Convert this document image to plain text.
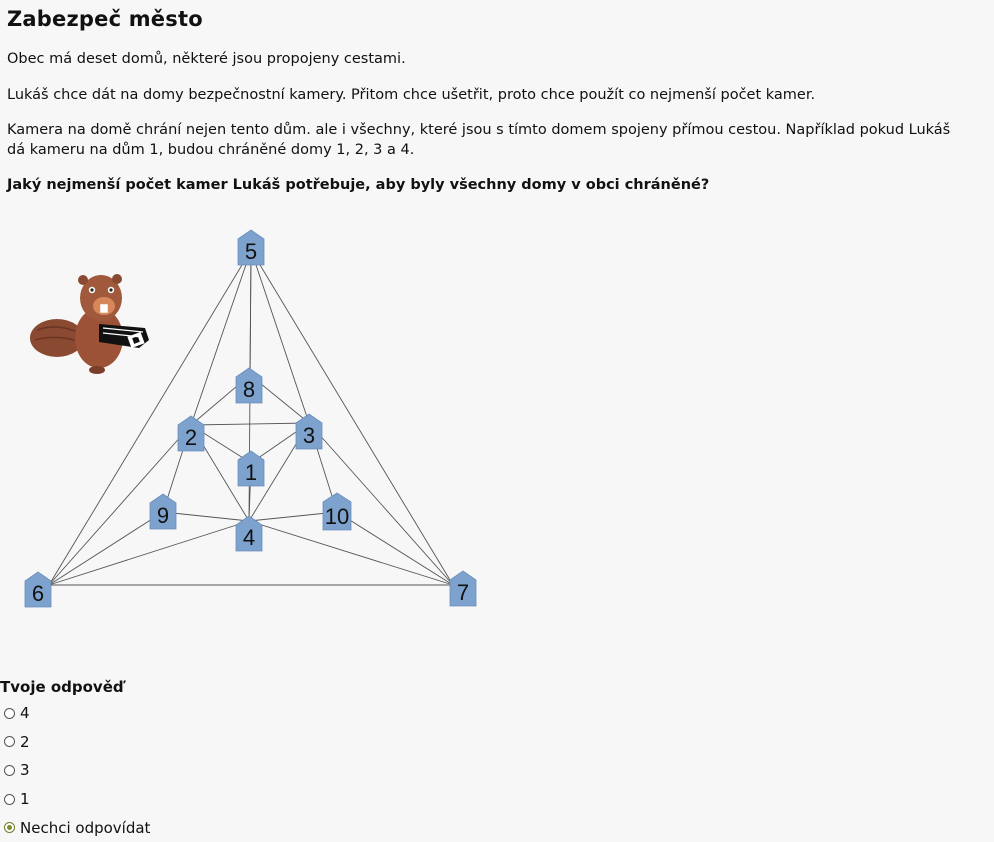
Zabezpeč město

Obec má deset domů, některé jsou propojeny cestami.

Lukáš chce dát na domy bezpečnostní kamery. Přitom chce ušetřit, proto chce použít co nejmenší počet kamer.

Kamera na domě chrání nejen tento dům. ale i všechny, které jsou s tímto domem spojeny přímou cestou. Například pokud Lukáš dá kameru na dům 1, budou chráněné domy 1, 2, 3 a 4.

Jaký nejmenší počet kamer Lukáš potřebuje, aby byly všechny domy v obci chráněné?

1
2	3
4
5
6	7
8
9	10
Tvoje odpověď
4
2
3
1
Nechci odpovídat
